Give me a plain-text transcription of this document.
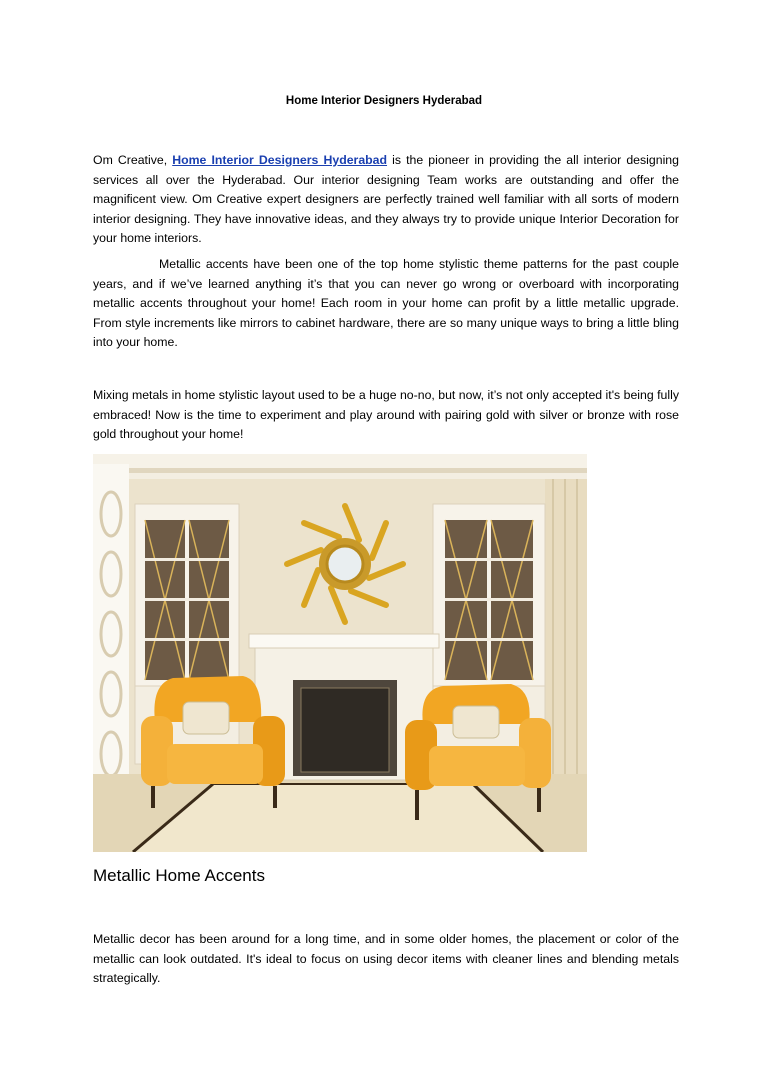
Home Interior Designers Hyderabad

Om Creative, Home Interior Designers Hyderabad is the pioneer in providing the all interior designing services all over the Hyderabad. Our interior designing Team works are outstanding and offer the magnificent view. Om Creative expert designers are perfectly trained well familiar with all sorts of modern interior designing. They have innovative ideas, and they always try to provide unique Interior Decoration for your home interiors.

Metallic accents have been one of the top home stylistic theme patterns for the past couple years, and if we’ve learned anything it’s that you can never go wrong or overboard with incorporating metallic accents throughout your home! Each room in your home can profit by a little metallic upgrade. From style increments like mirrors to cabinet hardware, there are so many unique ways to bring a little bling into your home.

Mixing metals in home stylistic layout used to be a huge no-no, but now, it’s not only accepted it's being fully embraced! Now is the time to experiment and play around with pairing gold with silver or bronze with rose gold throughout your home!

Metallic Home Accents

Metallic decor has been around for a long time, and in some older homes, the placement or color of the metallic can look outdated. It's ideal to focus on using decor items with cleaner lines and blending metals strategically.
